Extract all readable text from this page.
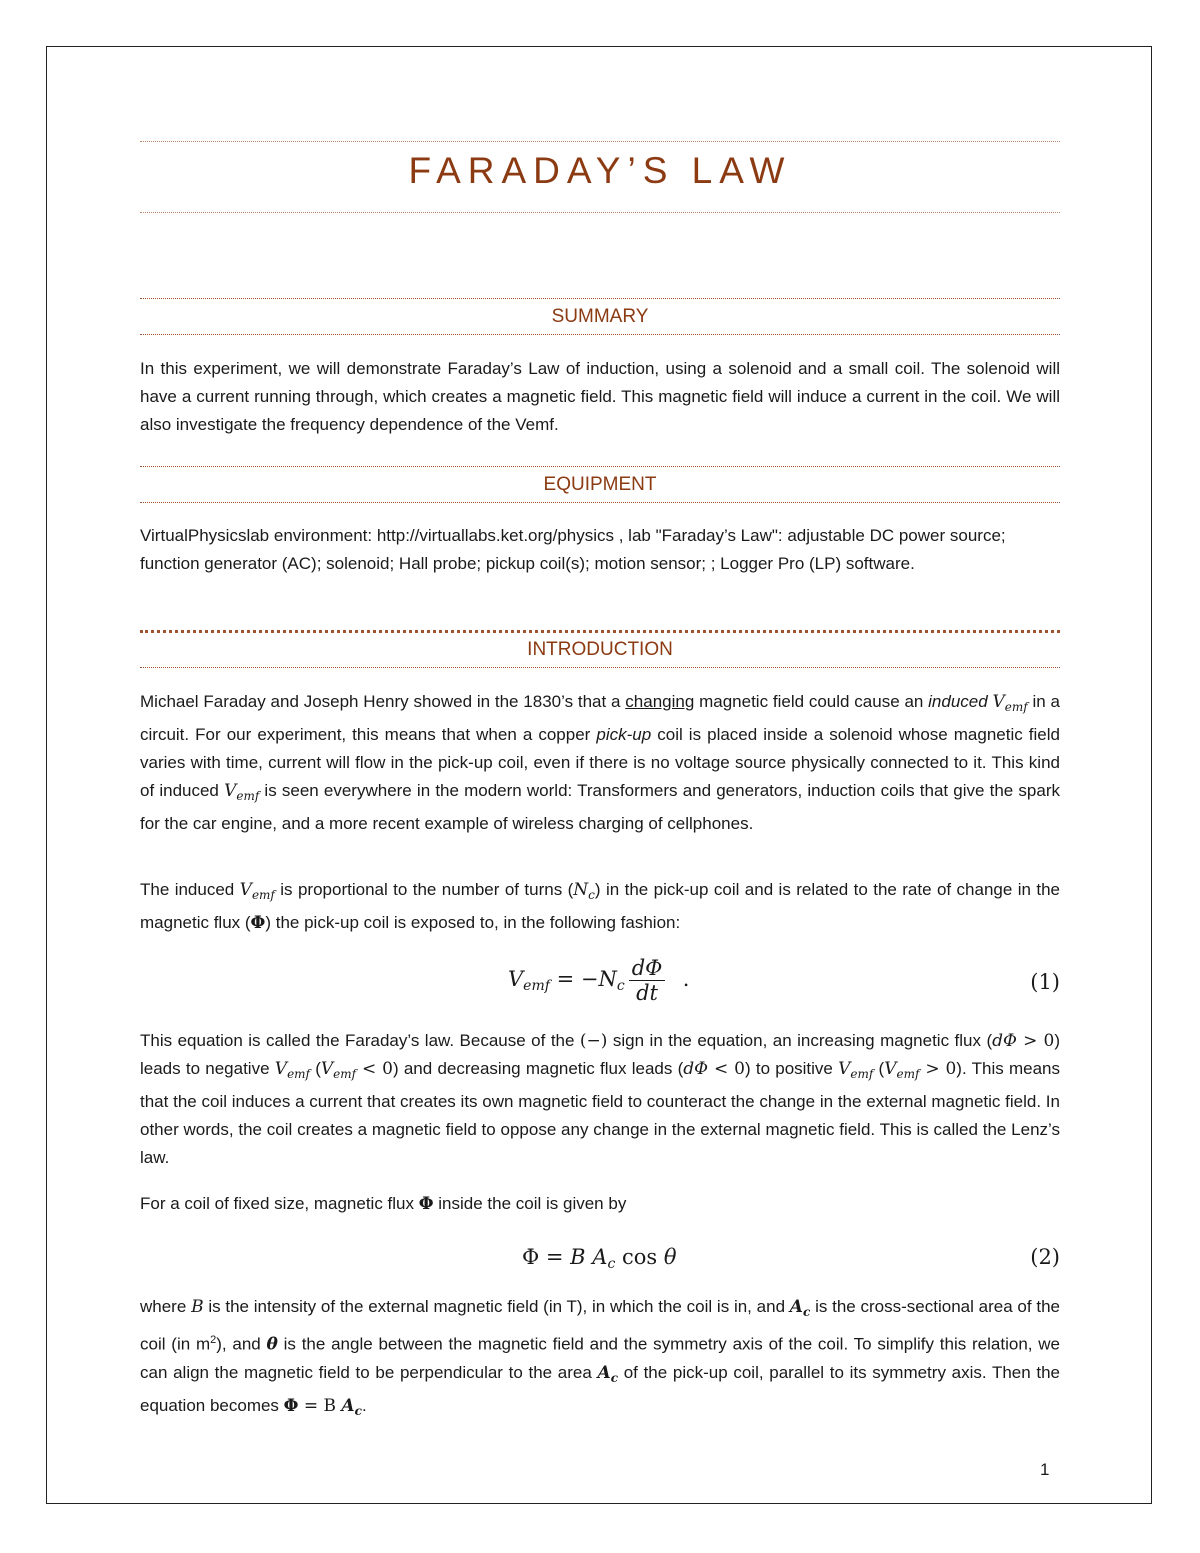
FARADAY’S LAW
SUMMARY

In this experiment, we will demonstrate Faraday’s Law of induction, using a solenoid and a small coil. The solenoid will have a current running through, which creates a magnetic field. This magnetic field will induce a current in the coil. We will also investigate the frequency dependence of the Vemf.

EQUIPMENT

VirtualPhysicslab environment: http://virtuallabs.ket.org/physics , lab "Faraday’s Law": adjustable DC power source; function generator (AC); solenoid; Hall probe; pickup coil(s); motion sensor; ; Logger Pro (LP) software.

INTRODUCTION

Michael Faraday and Joseph Henry showed in the 1830’s that a changing magnetic field could cause an induced $V_{emf}$ in a circuit. For our experiment, this means that when a copper pick-up coil is placed inside a solenoid whose magnetic field varies with time, current will flow in the pick-up coil, even if there is no voltage source physically connected to it. This kind of induced $V_{emf}$ is seen everywhere in the modern world: Transformers and generators, induction coils that give the spark for the car engine, and a more recent example of wireless charging of cellphones.

The induced $V_{emf}$ is proportional to the number of turns $(N_c)$ in the pick-up coil and is related to the rate of change in the magnetic flux (Φ) the pick-up coil is exposed to, in the following fashion:

$V_{emf} = -N_c \frac{d\Phi}{dt}$ .	(1)

This equation is called the Faraday’s law. Because of the (−) sign in the equation, an increasing magnetic flux (dΦ > 0) leads to negative $V_{emf}$ $(V_{emf} < 0)$ and decreasing magnetic flux leads (dΦ < 0) to positive $V_{emf}$ $(V_{emf} > 0)$. This means that the coil induces a current that creates its own magnetic field to counteract the change in the external magnetic field. In other words, the coil creates a magnetic field to oppose any change in the external magnetic field. This is called the Lenz’s law.

For a coil of fixed size, magnetic flux Φ inside the coil is given by

Φ = B $A_c$ cos θ	(2)

where B is the intensity of the external magnetic field (in T), in which the coil is in, and $A_c$ is the cross-sectional area of the coil (in $m^2$), and θ is the angle between the magnetic field and the symmetry axis of the coil. To simplify this relation, we can align the magnetic field to be perpendicular to the area $A_c$ of the pick-up coil, parallel to its symmetry axis. Then the equation becomes Φ = B $A_c$.

1
